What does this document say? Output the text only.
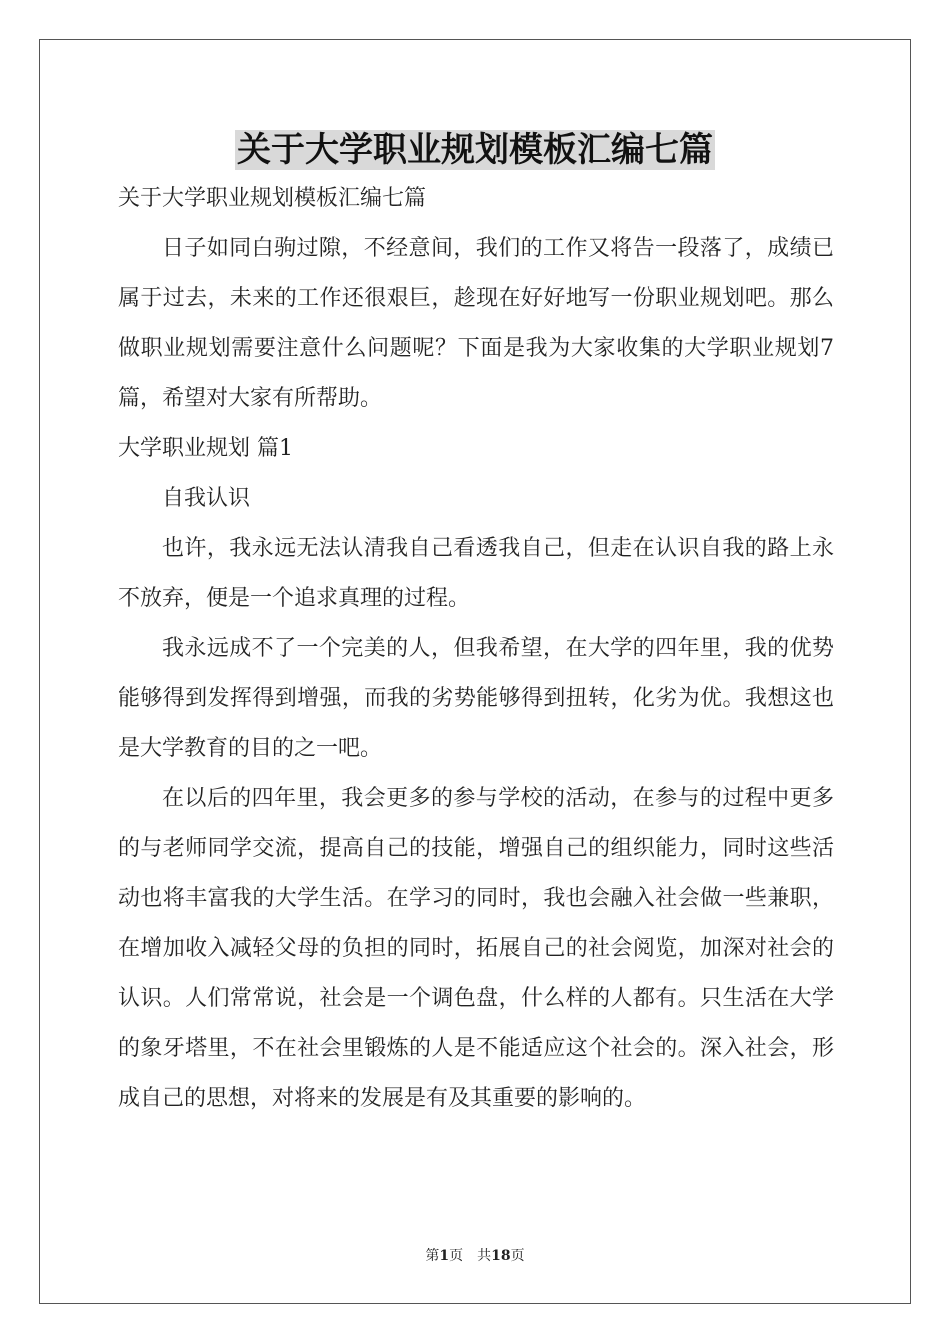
关于大学职业规划模板汇编七篇

关于大学职业规划模板汇编七篇

日子如同白驹过隙，不经意间，我们的工作又将告一段落了，成绩已属于过去，未来的工作还很艰巨，趁现在好好地写一份职业规划吧。那么做职业规划需要注意什么问题呢？下面是我为大家收集的大学职业规划7篇，希望对大家有所帮助。

大学职业规划 篇1

自我认识

也许，我永远无法认清我自己看透我自己，但走在认识自我的路上永不放弃，便是一个追求真理的过程。

我永远成不了一个完美的人，但我希望，在大学的四年里，我的优势能够得到发挥得到增强，而我的劣势能够得到扭转，化劣为优。我想这也是大学教育的目的之一吧。

在以后的四年里，我会更多的参与学校的活动，在参与的过程中更多的与老师同学交流，提高自己的技能，增强自己的组织能力，同时这些活动也将丰富我的大学生活。在学习的同时，我也会融入社会做一些兼职，在增加收入减轻父母的负担的同时，拓展自己的社会阅览，加深对社会的认识。人们常常说，社会是一个调色盘，什么样的人都有。只生活在大学的象牙塔里，不在社会里锻炼的人是不能适应这个社会的。深入社会，形成自己的思想，对将来的发展是有及其重要的影响的。

第1页　共18页
